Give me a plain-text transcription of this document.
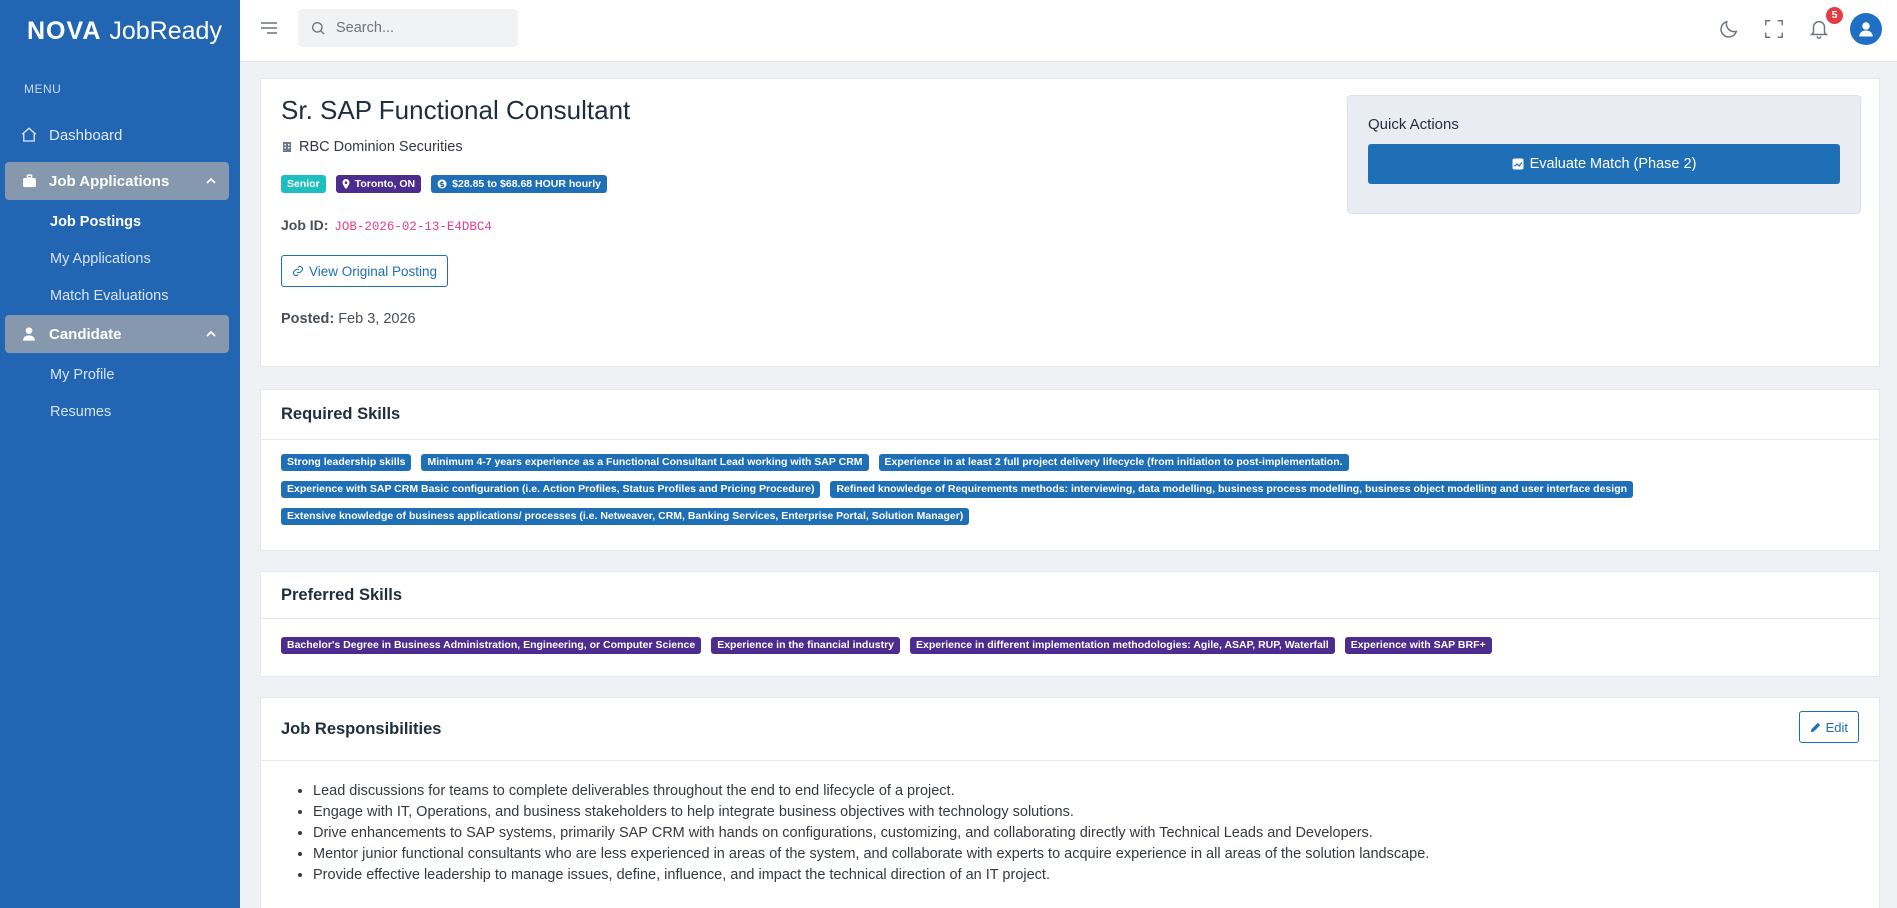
NOVA JobReady
MENU
Dashboard
Job Applications
Job Postings
My Applications
Match Evaluations
Candidate
My Profile
Resumes
Search...
5
Sr. SAP Functional Consultant
RBC Dominion Securities
Senior	Toronto, ON	$28.85 to $68.68 HOUR hourly
Job ID: JOB-2026-02-13-E4DBC4
View Original Posting
Posted: Feb 3, 2026
Quick Actions
Evaluate Match (Phase 2)
Required Skills
Strong leadership skills	Minimum 4-7 years experience as a Functional Consultant Lead working with SAP CRM	Experience in at least 2 full project delivery lifecycle (from initiation to post-implementation.
Experience with SAP CRM Basic configuration (i.e. Action Profiles, Status Profiles and Pricing Procedure)	Refined knowledge of Requirements methods: interviewing, data modelling, business process modelling, business object modelling and user interface design
Extensive knowledge of business applications/ processes (i.e. Netweaver, CRM, Banking Services, Enterprise Portal, Solution Manager)
Preferred Skills
Bachelor's Degree in Business Administration, Engineering, or Computer Science	Experience in the financial industry	Experience in different implementation methodologies: Agile, ASAP, RUP, Waterfall	Experience with SAP BRF+
Job Responsibilities	Edit
• Lead discussions for teams to complete deliverables throughout the end to end lifecycle of a project.
• Engage with IT, Operations, and business stakeholders to help integrate business objectives with technology solutions.
• Drive enhancements to SAP systems, primarily SAP CRM with hands on configurations, customizing, and collaborating directly with Technical Leads and Developers.
• Mentor junior functional consultants who are less experienced in areas of the system, and collaborate with experts to acquire experience in all areas of the solution landscape.
• Provide effective leadership to manage issues, define, influence, and impact the technical direction of an IT project.
